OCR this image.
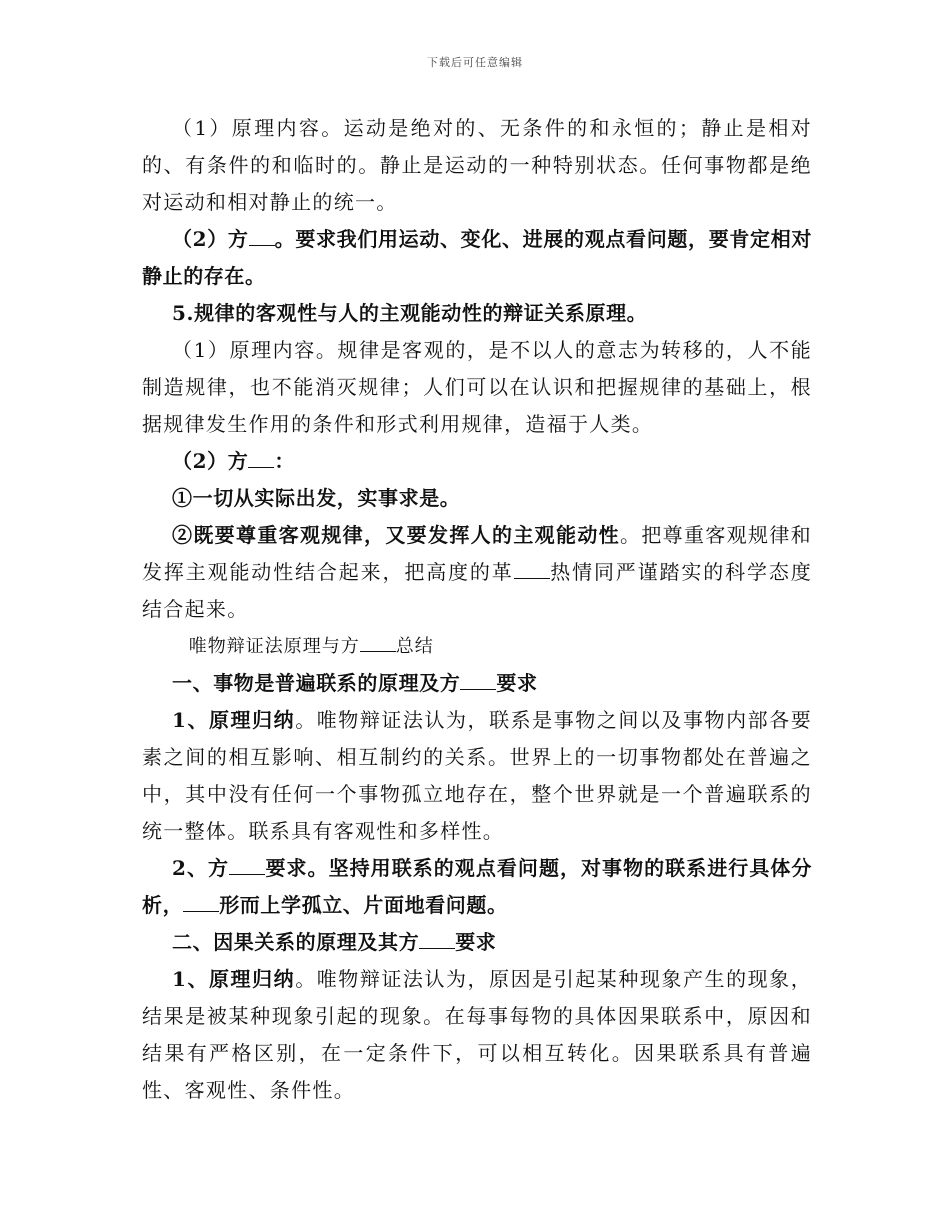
下载后可任意编辑

（1）原理内容。运动是绝对的、无条件的和永恒的；静止是相对的、有条件的和临时的。静止是运动的一种特别状态。任何事物都是绝对运动和相对静止的统一。

（2）方 。要求我们用运动、变化、进展的观点看问题，要肯定相对静止的存在。

5.规律的客观性与人的主观能动性的辩证关系原理。

（1）原理内容。规律是客观的，是不以人的意志为转移的，人不能制造规律，也不能消灭规律；人们可以在认识和把握规律的基础上，根据规律发生作用的条件和形式利用规律，造福于人类。

（2）方 ：

①一切从实际出发，实事求是。

②既要尊重客观规律，又要发挥人的主观能动性。把尊重客观规律和发挥主观能动性结合起来，把高度的革 热情同严谨踏实的科学态度结合起来。

唯物辩证法原理与方 总结

一、事物是普遍联系的原理及方 要求

1、原理归纳。唯物辩证法认为，联系是事物之间以及事物内部各要素之间的相互影响、相互制约的关系。世界上的一切事物都处在普遍之中，其中没有任何一个事物孤立地存在，整个世界就是一个普遍联系的统一整体。联系具有客观性和多样性。

2、方 要求。坚持用联系的观点看问题，对事物的联系进行具体分析， 形而上学孤立、片面地看问题。

二、因果关系的原理及其方 要求

1、原理归纳。唯物辩证法认为，原因是引起某种现象产生的现象，结果是被某种现象引起的现象。在每事每物的具体因果联系中，原因和结果有严格区别，在一定条件下，可以相互转化。因果联系具有普遍性、客观性、条件性。
